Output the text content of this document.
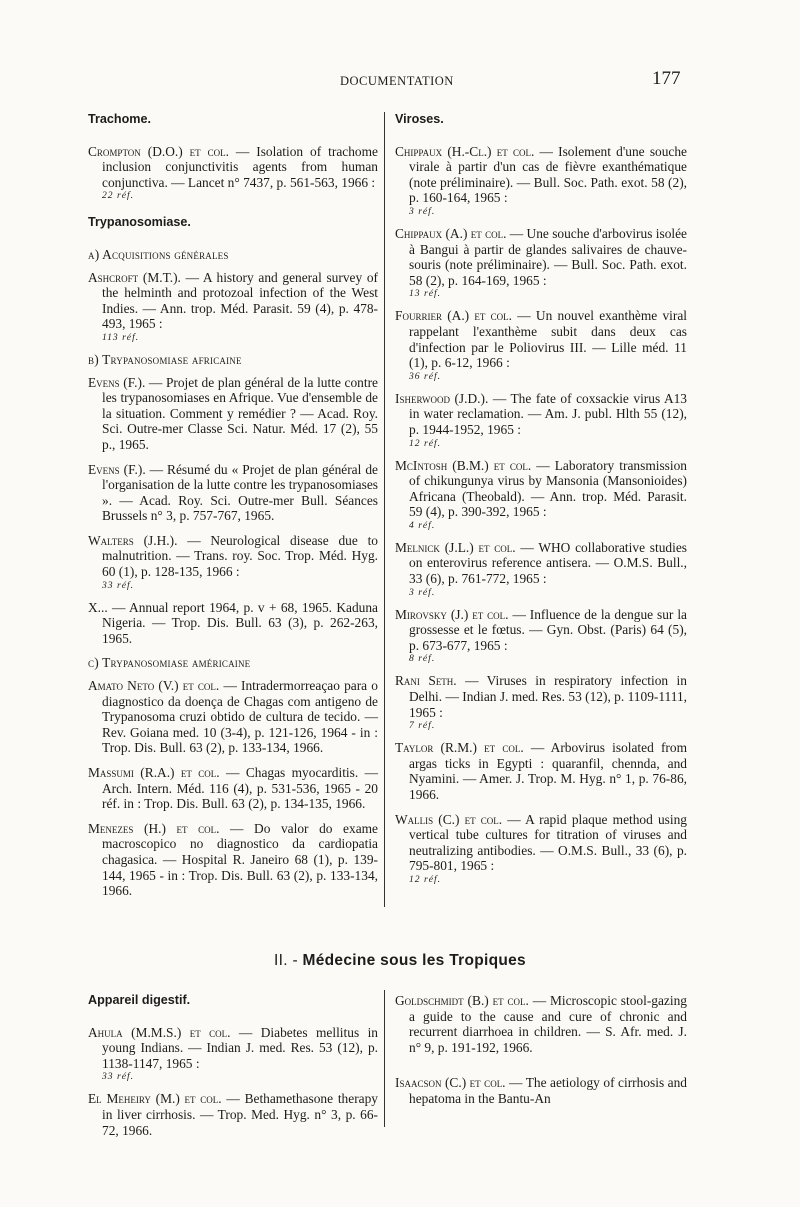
DOCUMENTATION	177
Trachome.
Crompton (D.O.) et col. — Isolation of trachome inclusion conjunctivitis agents from human conjunctiva. — Lancet n° 7437, p. 561-563, 1966 :
22 réf.
Trypanosomiase.
a) Acquisitions générales
Ashcroft (M.T.). — A history and general survey of the helminth and protozoal infection of the West Indies. — Ann. trop. Méd. Parasit. 59 (4), p. 478-493, 1965 :
113 réf.
b) Trypanosomiase africaine
Evens (F.). — Projet de plan général de la lutte contre les trypanosomiases en Afrique. Vue d'ensemble de la situation. Comment y remédier ? — Acad. Roy. Sci. Outre-mer Classe Sci. Natur. Méd. 17 (2), 55 p., 1965.
Evens (F.). — Résumé du « Projet de plan général de l'organisation de la lutte contre les trypanosomiases ». — Acad. Roy. Sci. Outre-mer Bull. Séances Brussels n° 3, p. 757-767, 1965.
Walters (J.H.). — Neurological disease due to malnutrition. — Trans. roy. Soc. Trop. Méd. Hyg. 60 (1), p. 128-135, 1966 :
33 réf.
X... — Annual report 1964, p. v + 68, 1965. Kaduna Nigeria. — Trop. Dis. Bull. 63 (3), p. 262-263, 1965.
c) Trypanosomiase américaine
Amato Neto (V.) et col. — Intradermorreaçao para o diagnostico da doença de Chagas com antigeno de Trypanosoma cruzi obtido de cultura de tecido. — Rev. Goiana med. 10 (3-4), p. 121-126, 1964 - in : Trop. Dis. Bull. 63 (2), p. 133-134, 1966.
Massumi (R.A.) et col. — Chagas myocarditis. — Arch. Intern. Méd. 116 (4), p. 531-536, 1965 - 20 réf. in : Trop. Dis. Bull. 63 (2), p. 134-135, 1966.
Menezes (H.) et col. — Do valor do exame macroscopico no diagnostico da cardiopatia chagasica. — Hospital R. Janeiro 68 (1), p. 139-144, 1965 - in : Trop. Dis. Bull. 63 (2), p. 133-134, 1966.
Viroses.
Chippaux (H.-Cl.) et col. — Isolement d'une souche virale à partir d'un cas de fièvre exanthématique (note préliminaire). — Bull. Soc. Path. exot. 58 (2), p. 160-164, 1965 :
3 réf.
Chippaux (A.) et col. — Une souche d'arbovirus isolée à Bangui à partir de glandes salivaires de chauve-souris (note préliminaire). — Bull. Soc. Path. exot. 58 (2), p. 164-169, 1965 :
13 réf.
Fourrier (A.) et col. — Un nouvel exanthème viral rappelant l'exanthème subit dans deux cas d'infection par le Poliovirus III. — Lille méd. 11 (1), p. 6-12, 1966 :
36 réf.
Isherwood (J.D.). — The fate of coxsackie virus A13 in water reclamation. — Am. J. publ. Hlth 55 (12), p. 1944-1952, 1965 :
12 réf.
McIntosh (B.M.) et col. — Laboratory transmission of chikungunya virus by Mansonia (Mansonioides) Africana (Theobald). — Ann. trop. Méd. Parasit. 59 (4), p. 390-392, 1965 :
4 réf.
Melnick (J.L.) et col. — WHO collaborative studies on enterovirus reference antisera. — O.M.S. Bull., 33 (6), p. 761-772, 1965 :
3 réf.
Mirovsky (J.) et col. — Influence de la dengue sur la grossesse et le fœtus. — Gyn. Obst. (Paris) 64 (5), p. 673-677, 1965 :
8 réf.
Rani Seth. — Viruses in respiratory infection in Delhi. — Indian J. med. Res. 53 (12), p. 1109-1111, 1965 :
7 réf.
Taylor (R.M.) et col. — Arbovirus isolated from argas ticks in Egypti : quaranfil, chennda, and Nyamini. — Amer. J. Trop. M. Hyg. n° 1, p. 76-86, 1966.
Wallis (C.) et col. — A rapid plaque method using vertical tube cultures for titration of viruses and neutralizing antibodies. — O.M.S. Bull., 33 (6), p. 795-801, 1965 :
12 réf.
II. - Médecine sous les Tropiques
Appareil digestif.
Ahula (M.M.S.) et col. — Diabetes mellitus in young Indians. — Indian J. med. Res. 53 (12), p. 1138-1147, 1965 :
33 réf.
El Meheiry (M.) et col. — Bethamethasone therapy in liver cirrhosis. — Trop. Med. Hyg. n° 3, p. 66-72, 1966.
Goldschmidt (B.) et col. — Microscopic stool-gazing a guide to the cause and cure of chronic and recurrent diarrhoea in children. — S. Afr. med. J. n° 9, p. 191-192, 1966.
Isaacson (C.) et col. — The aetiology of cirrhosis and hepatoma in the Bantu-An
